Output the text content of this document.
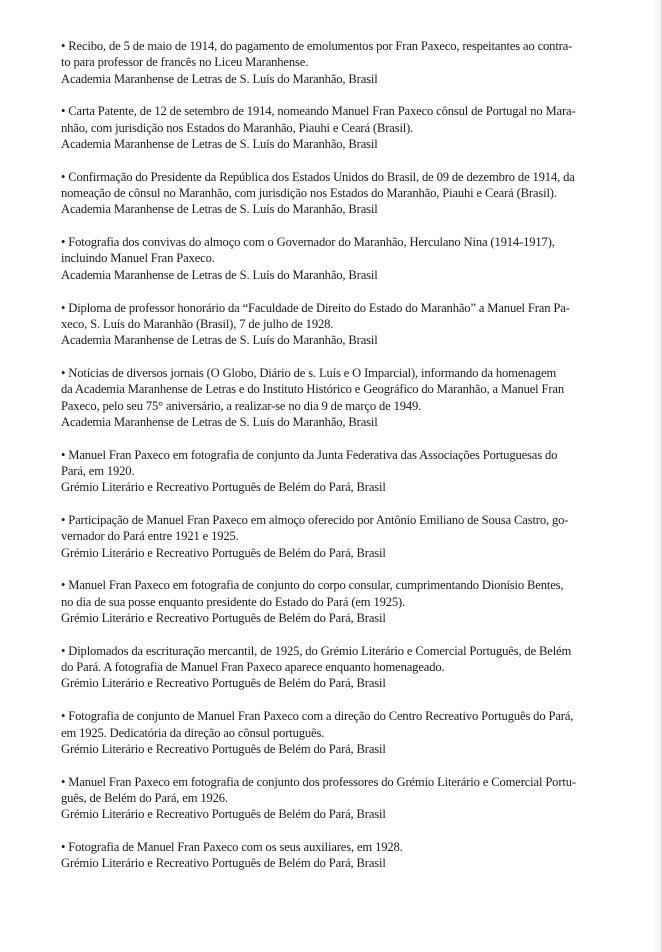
• Recibo, de 5 de maio de 1914, do pagamento de emolumentos por Fran Paxeco, respeitantes ao contra-
to para professor de francês no Liceu Maranhense.

Academia Maranhense de Letras de S. Luís do Maranhão, Brasil

• Carta Patente, de 12 de setembro de 1914, nomeando Manuel Fran Paxeco cônsul de Portugal no Mara-
nhão, com jurisdição nos Estados do Maranhão, Piauhi e Ceará (Brasil).

Academia Maranhense de Letras de S. Luís do Maranhão, Brasil

• Confirmação do Presidente da República dos Estados Unidos do Brasil, de 09 de dezembro de 1914, da
nomeação de cônsul no Maranhão, com jurisdição nos Estados do Maranhão, Piauhi e Ceará (Brasil).

Academia Maranhense de Letras de S. Luís do Maranhão, Brasil

• Fotografia dos convivas do almoço com o Governador do Maranhão, Herculano Nina (1914-1917),
incluindo Manuel Fran Paxeco.

Academia Maranhense de Letras de S. Luís do Maranhão, Brasil

• Diploma de professor honorário da “Faculdade de Direito do Estado do Maranhão” a Manuel Fran Pa-
xeco, S. Luís do Maranhão (Brasil), 7 de julho de 1928.

Academia Maranhense de Letras de S. Luís do Maranhão, Brasil

• Notícias de diversos jornais (O Globo, Diário de s. Luís e O Imparcial), informando da homenagem
da Academia Maranhense de Letras e do Instituto Histórico e Geográfico do Maranhão, a Manuel Fran
Paxeco, pelo seu 75° aniversário, a realizar-se no dia 9 de março de 1949.

Academia Maranhense de Letras de S. Luís do Maranhão, Brasil

• Manuel Fran Paxeco em fotografia de conjunto da Junta Federativa das Associações Portuguesas do
Pará, em 1920.

Grémio Literário e Recreativo Português de Belém do Pará, Brasil

• Participação de Manuel Fran Paxeco em almoço oferecido por Antônio Emiliano de Sousa Castro, go-
vernador do Pará entre 1921 e 1925.

Grémio Literário e Recreativo Português de Belém do Pará, Brasil

• Manuel Fran Paxeco em fotografia de conjunto do corpo consular, cumprimentando Dionísio Bentes,
no dia de sua posse enquanto presidente do Estado do Pará (em 1925).

Grémio Literário e Recreativo Português de Belém do Pará, Brasil

• Diplomados da escrituração mercantil, de 1925, do Grémio Literário e Comercial Português, de Belém
do Pará. A fotografia de Manuel Fran Paxeco aparece enquanto homenageado.

Grémio Literário e Recreativo Português de Belém do Pará, Brasil

• Fotografia de conjunto de Manuel Fran Paxeco com a direção do Centro Recreativo Português do Pará,
em 1925. Dedicatória da direção ao cônsul português.

Grémio Literário e Recreativo Português de Belém do Pará, Brasil

• Manuel Fran Paxeco em fotografia de conjunto dos professores do Grémio Literário e Comercial Portu-
guês, de Belém do Pará, em 1926.

Grémio Literário e Recreativo Português de Belém do Pará, Brasil

• Fotografia de Manuel Fran Paxeco com os seus auxiliares, em 1928.

Grémio Literário e Recreativo Português de Belém do Pará, Brasil
